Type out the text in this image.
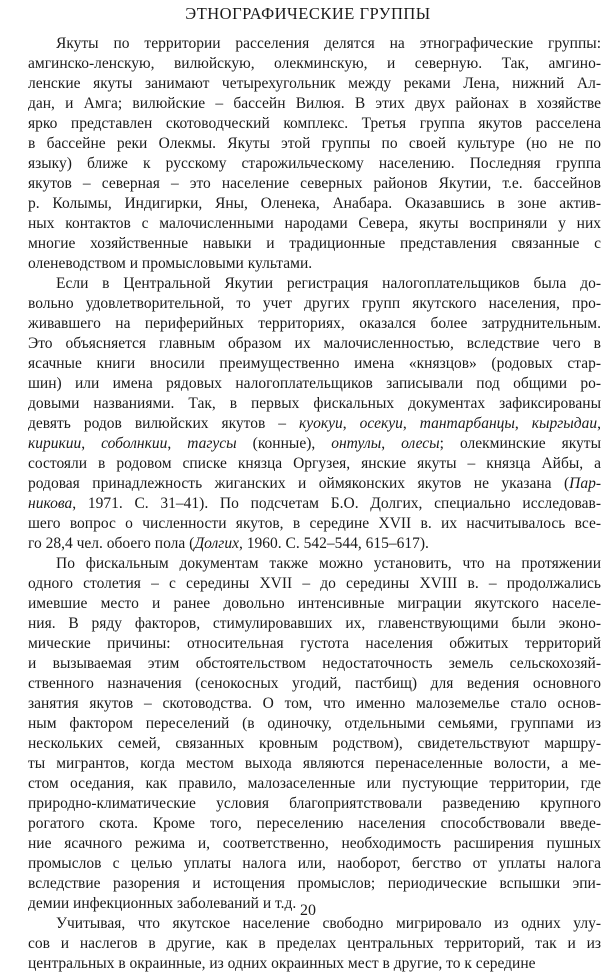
ЭТНОГРАФИЧЕСКИЕ ГРУППЫ
Якуты по территории расселения делятся на этнографические группы:
амгинско-ленскую, вилюйскую, олекминскую, и северную. Так, амгино-
ленские якуты занимают четырехугольник между реками Лена, нижний Ал-
дан, и Амга; вилюйские – бассейн Вилюя. В этих двух районах в хозяйстве
ярко представлен скотоводческий комплекс. Третья группа якутов расселена
в бассейне реки Олекмы. Якуты этой группы по своей культуре (но не по
языку) ближе к русскому старожильческому населению. Последняя группа
якутов – северная – это население северных районов Якутии, т.е. бассейнов
р. Колымы, Индигирки, Яны, Оленека, Анабара. Оказавшись в зоне актив-
ных контактов с малочисленными народами Севера, якуты восприняли у них
многие хозяйственные навыки и традиционные представления связанные с
оленеводством и промысловыми культами.
Если в Центральной Якутии регистрация налогоплательщиков была до-
вольно удовлетворительной, то учет других групп якутского населения, про-
живавшего на периферийных территориях, оказался более затруднительным.
Это объясняется главным образом их малочисленностью, вследствие чего в
ясачные книги вносили преимущественно имена «князцов» (родовых стар-
шин) или имена рядовых налогоплательщиков записывали под общими ро-
довыми названиями. Так, в первых фискальных документах зафиксированы
девять родов вилюйских якутов – куокуи, осекуи, тантарбанцы, кыргыдаи,
кирикии, соболнкии, тагусы (конные), онтулы, олесы; олекминские якуты
состояли в родовом списке князца Оргузея, янские якуты – князца Айбы, а
родовая принадлежность жиганских и оймяконских якутов не указана (Пар-
никова, 1971. С. 31–41). По подсчетам Б.О. Долгих, специально исследовав-
шего вопрос о численности якутов, в середине XVII в. их насчитывалось все-
го 28,4 чел. обоего пола (Долгих, 1960. С. 542–544, 615–617).
По фискальным документам также можно установить, что на протяжении
одного столетия – с середины XVII – до середины XVIII в. – продолжались
имевшие место и ранее довольно интенсивные миграции якутского населе-
ния. В ряду факторов, стимулировавших их, главенствующими были эконо-
мические причины: относительная густота населения обжитых территорий
и вызываемая этим обстоятельством недостаточность земель сельскохозяй-
ственного назначения (сенокосных угодий, пастбищ) для ведения основного
занятия якутов – скотоводства. О том, что именно малоземелье стало основ-
ным фактором переселений (в одиночку, отдельными семьями, группами из
нескольких семей, связанных кровным родством), свидетельствуют маршру-
ты мигрантов, когда местом выхода являются перенаселенные волости, а ме-
стом оседания, как правило, малозаселенные или пустующие территории, где
природно-климатические условия благоприятствовали разведению крупного
рогатого скота. Кроме того, переселению населения способствовали введе-
ние ясачного режима и, соответственно, необходимость расширения пушных
промыслов с целью уплаты налога или, наоборот, бегство от уплаты налога
вследствие разорения и истощения промыслов; периодические вспышки эпи-
демии инфекционных заболеваний и т.д.
Учитывая, что якутское население свободно мигрировало из одних улу-
сов и наслегов в другие, как в пределах центральных территорий, так и из
центральных в окраинные, из одних окраинных мест в другие, то к середине
20
